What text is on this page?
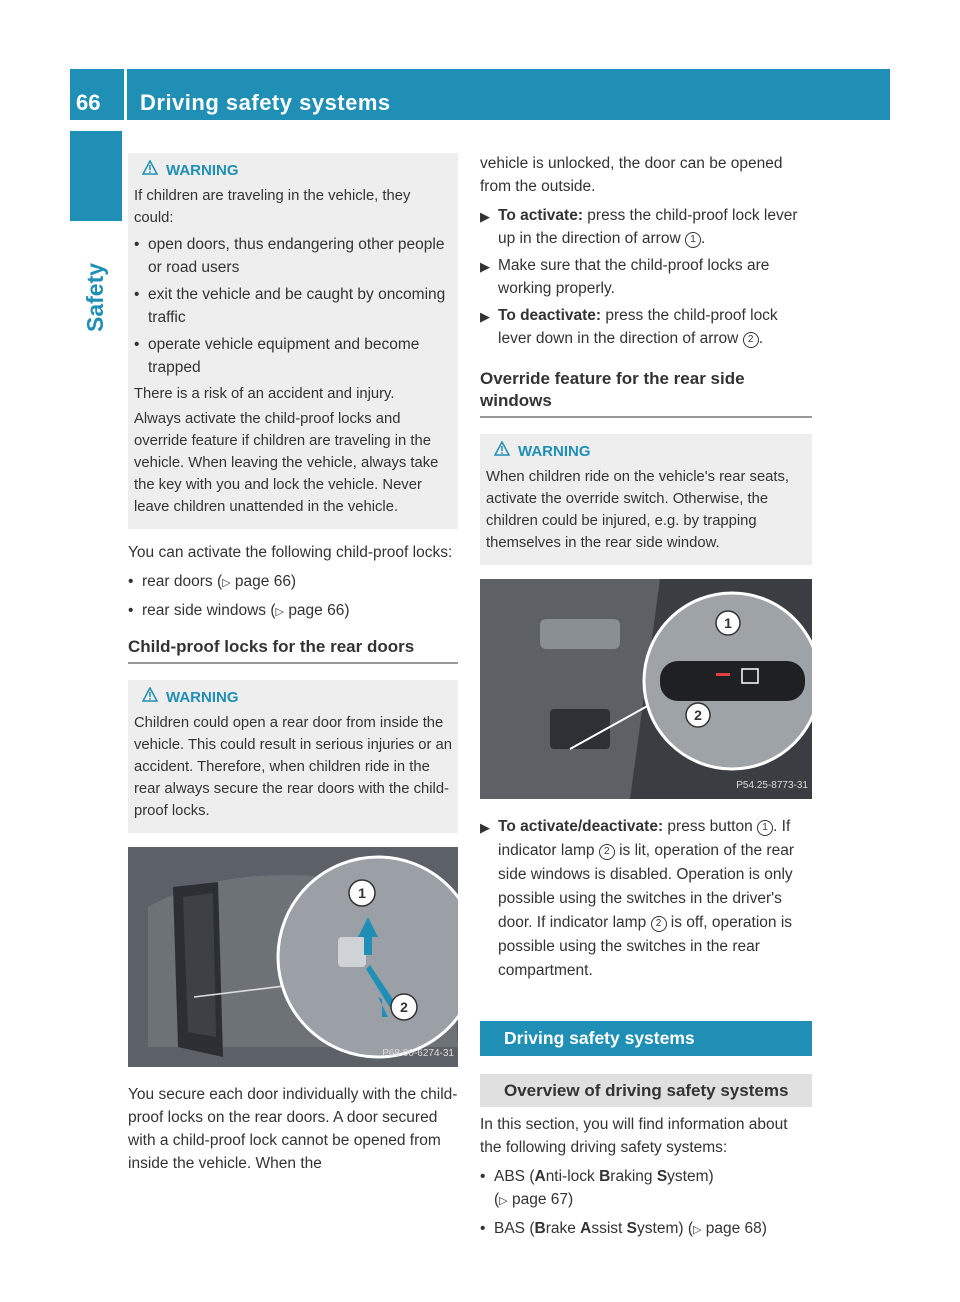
66 Driving safety systems
Safety
WARNING

If children are traveling in the vehicle, they could:

• open doors, thus endangering other people or road users
• exit the vehicle and be caught by oncoming traffic
• operate vehicle equipment and become trapped

There is a risk of an accident and injury.

Always activate the child-proof locks and override feature if children are traveling in the vehicle. When leaving the vehicle, always take the key with you and lock the vehicle. Never leave children unattended in the vehicle.

You can activate the following child-proof locks:

• rear doors (▷ page 66)
• rear side windows (▷ page 66)
Child-proof locks for the rear doors
WARNING

Children could open a rear door from inside the vehicle. This could result in serious injuries or an accident. Therefore, when children ride in the rear always secure the rear doors with the child-proof locks.

1
2
P68.00-6274-31

You secure each door individually with the child-proof locks on the rear doors. A door secured with a child-proof lock cannot be opened from inside the vehicle. When the

vehicle is unlocked, the door can be opened from the outside.

▶ To activate: press the child-proof lock lever up in the direction of arrow 1 .
▶ Make sure that the child-proof locks are working properly.
▶ To deactivate: press the child-proof lock lever down in the direction of arrow 2 .
Override feature for the rear side windows
WARNING

When children ride on the vehicle's rear seats, activate the override switch. Otherwise, the children could be injured, e.g. by trapping themselves in the rear side window.

1
2
P54.25-8773-31
▶ To activate/deactivate: press button 1 . If indicator lamp 2 is lit, operation of the rear side windows is disabled. Operation is only possible using the switches in the driver's door. If indicator lamp 2 is off, operation is possible using the switches in the rear compartment.
Driving safety systems
Overview of driving safety systems

In this section, you will find information about the following driving safety systems:

• ABS (Anti-lock Braking System)
(▷ page 67)
• BAS (Brake Assist System) (▷ page 68)
